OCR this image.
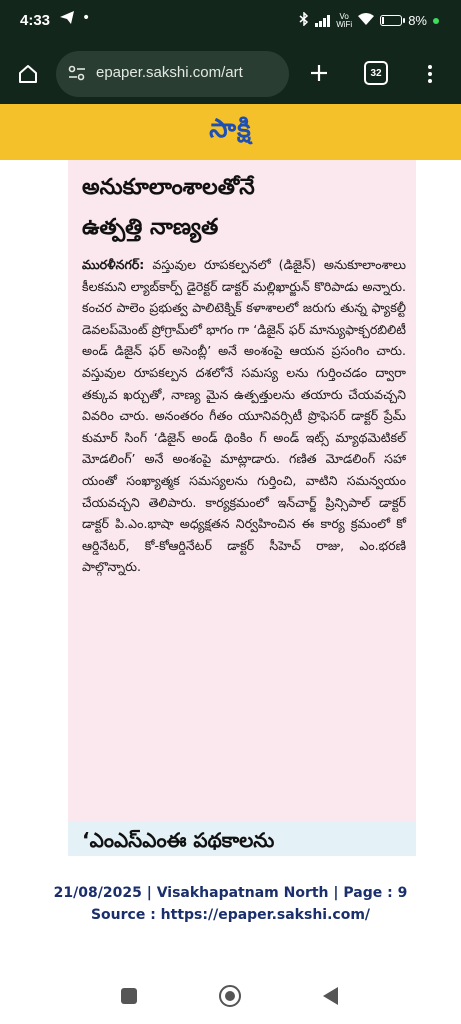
4:33 •	Vo
WiFi	8%
epaper.sakshi.com/art	32
సాక్షి
అనుకూలాంశాలతోనే
ఉత్పత్తి నాణ్యత
మురళీనగర్: వస్తువుల రూపకల్పనలో (డిజైన్) అనుకూలాంశాలు కీలకమని ల్యాబ్‌కార్ప్ డైరెక్టర్ డాక్టర్ మల్లిఖార్జున్ కొరిపాడు అన్నారు. కంచర పాలెం ప్రభుత్వ పాలిటెక్నిక్ కళాశాలలో జరుగు తున్న ఫ్యాకల్టీ డెవలప్‌మెంట్ ప్రోగ్రామ్‌లో భాగం గా ‘డిజైన్ ఫర్ మాన్యుఫాక్చరబిలిటీ అండ్ డిజైన్ ఫర్ అసెంబ్లీ’ అనే అంశంపై ఆయన ప్రసంగిం చారు. వస్తువుల రూపకల్పన దశలోనే సమస్య లను గుర్తించడం ద్వారా తక్కువ ఖర్చుతో, నాణ్య మైన ఉత్పత్తులను తయారు చేయవచ్చని వివరిం చారు. అనంతరం గీతం యూనివర్సిటీ ప్రొఫెసర్ డాక్టర్ ప్రేమ్ కుమార్ సింగ్ ‘డిజైన్ అండ్ థింకిం గ్ అండ్ ఇట్స్ మ్యాథమెటికల్ మోడలింగ్’ అనే అంశంపై మాట్లాడారు. గణిత మోడలింగ్ సహా యంతో సంఖ్యాత్మక సమస్యలను గుర్తించి, వాటిని సమన్వయం చేయవచ్చని తెలిపారు. కార్యక్రమంలో ఇన్‌చార్జ్ ప్రిన్సిపాల్ డాక్టర్ డాక్టర్ పి.ఎం.భాషా అధ్యక్షతన నిర్వహించిన ఈ కార్య క్రమంలో కో ఆర్డినేటర్, కో-కోఆర్డినేటర్ డాక్టర్ సీహెచ్ రాజు, ఎం.భరణి పాల్గొన్నారు.
‘ఎంఎస్‌ఎంఈ పథకాలను
21/08/2025 | Visakhapatnam North | Page : 9
Source : https://epaper.sakshi.com/
